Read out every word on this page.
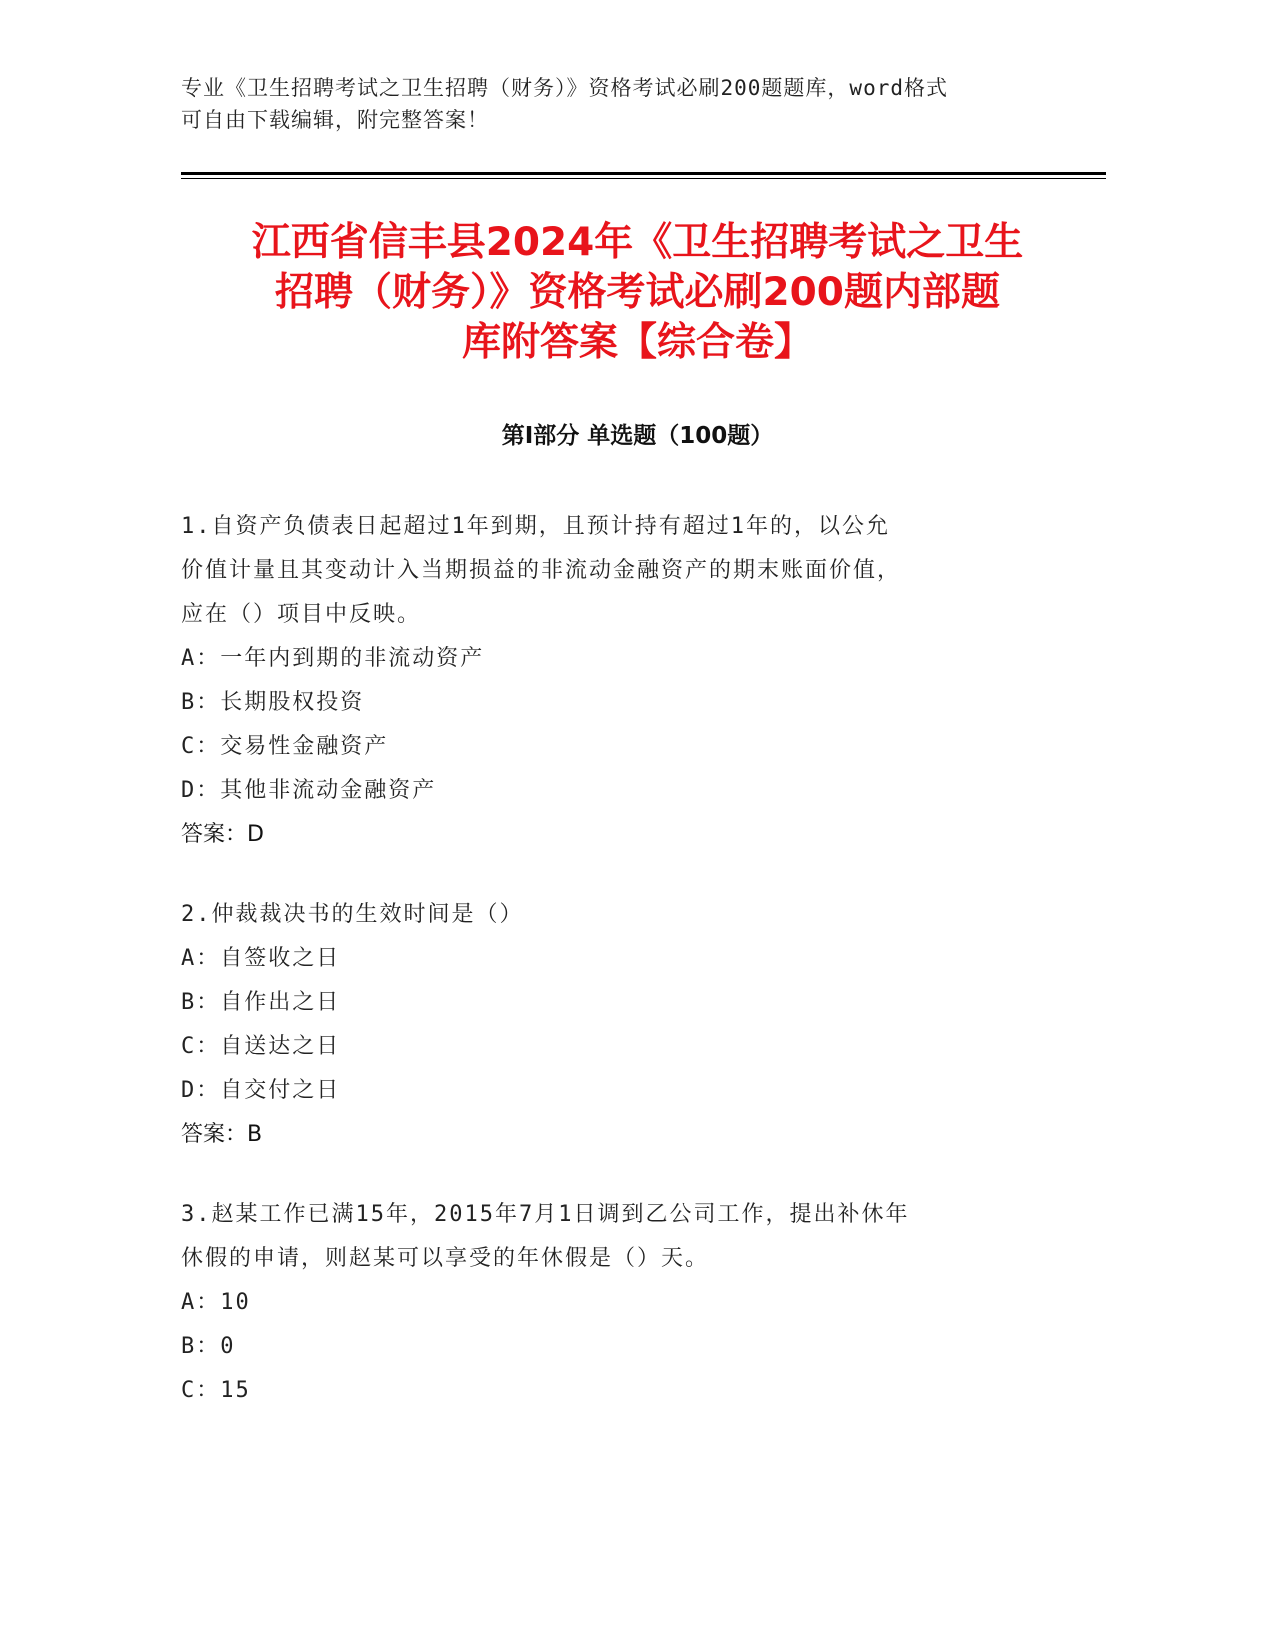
专业《卫生招聘考试之卫生招聘（财务）》资格考试必刷200题题库，word格式
可自由下载编辑，附完整答案！
江西省信丰县2024年《卫生招聘考试之卫生
招聘（财务）》资格考试必刷200题内部题
库附答案【综合卷】
第Ⅰ部分 单选题（100题）

1.自资产负债表日起超过1年到期，且预计持有超过1年的，以公允

价值计量且其变动计入当期损益的非流动金融资产的期末账面价值，

应在（）项目中反映。

A：一年内到期的非流动资产

B：长期股权投资

C：交易性金融资产

D：其他非流动金融资产

答案：D

2.仲裁裁决书的生效时间是（）

A：自签收之日

B：自作出之日

C：自送达之日

D：自交付之日

答案：B

3.赵某工作已满15年，2015年7月1日调到乙公司工作，提出补休年

休假的申请，则赵某可以享受的年休假是（）天。

A：10

B：0

C：15
